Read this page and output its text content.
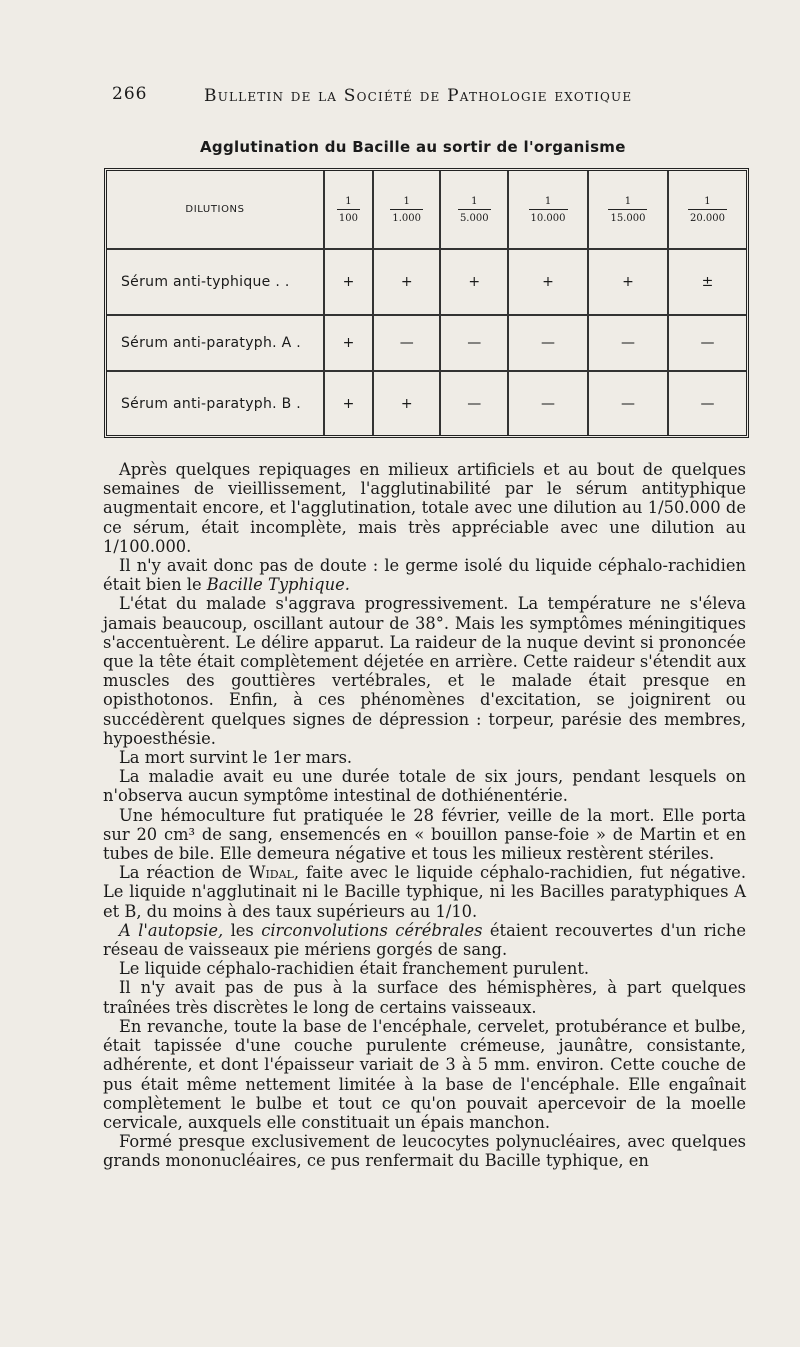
266	Bulletin de la Société de Pathologie exotique
Agglutination du Bacille au sortir de l'organisme
DILUTIONS	$\frac{1}{100}$	$\frac{1}{1.000}$	$\frac{1}{5.000}$	$\frac{1}{10.000}$	$\frac{1}{15.000}$	$\frac{1}{20.000}$

Sérum anti-typhique . .	+	+	+	+	+	±
Sérum anti-paratyph. A .	+	—	—	—	—	—
Sérum anti-paratyph. B .	+	+	—	—	—	—

Après quelques repiquages en milieux artificiels et au bout de quelques semaines de vieillissement, l'agglutinabilité par le sérum antityphique augmentait encore, et l'agglutination, totale avec une dilution au 1/50.000 de ce sérum, était incomplète, mais très appréciable avec une dilution au 1/100.000.

Il n'y avait donc pas de doute : le germe isolé du liquide céphalo-rachidien était bien le Bacille Typhique.

L'état du malade s'aggrava progressivement. La température ne s'éleva jamais beaucoup, oscillant autour de 38°. Mais les symptômes méningitiques s'accentuèrent. Le délire apparut. La raideur de la nuque devint si prononcée que la tête était complètement déjetée en arrière. Cette raideur s'étendit aux muscles des gouttières vertébrales, et le malade était presque en opisthotonos. Enfin, à ces phénomènes d'excitation, se joignirent ou succédèrent quelques signes de dépression : torpeur, parésie des membres, hypoesthésie.

La mort survint le 1er mars.

La maladie avait eu une durée totale de six jours, pendant lesquels on n'observa aucun symptôme intestinal de dothiénentérie.

Une hémoculture fut pratiquée le 28 février, veille de la mort. Elle porta sur 20 cm³ de sang, ensemencés en « bouillon panse-foie » de Martin et en tubes de bile. Elle demeura négative et tous les milieux restèrent stériles.

La réaction de Widal, faite avec le liquide céphalo-rachidien, fut négative. Le liquide n'agglutinait ni le Bacille typhique, ni les Bacilles paratyphiques A et B, du moins à des taux supérieurs au 1/10.

A l'autopsie, les circonvolutions cérébrales étaient recouvertes d'un riche réseau de vaisseaux pie mériens gorgés de sang.

Le liquide céphalo-rachidien était franchement purulent.

Il n'y avait pas de pus à la surface des hémisphères, à part quelques traînées très discrètes le long de certains vaisseaux.

En revanche, toute la base de l'encéphale, cervelet, protubérance et bulbe, était tapissée d'une couche purulente crémeuse, jaunâtre, consistante, adhérente, et dont l'épaisseur variait de 3 à 5 mm. environ. Cette couche de pus était même nettement limitée à la base de l'encéphale. Elle engaînait complètement le bulbe et tout ce qu'on pouvait apercevoir de la moelle cervicale, auxquels elle constituait un épais manchon.

Formé presque exclusivement de leucocytes polynucléaires, avec quelques grands mononucléaires, ce pus renfermait du Bacille typhique, en
